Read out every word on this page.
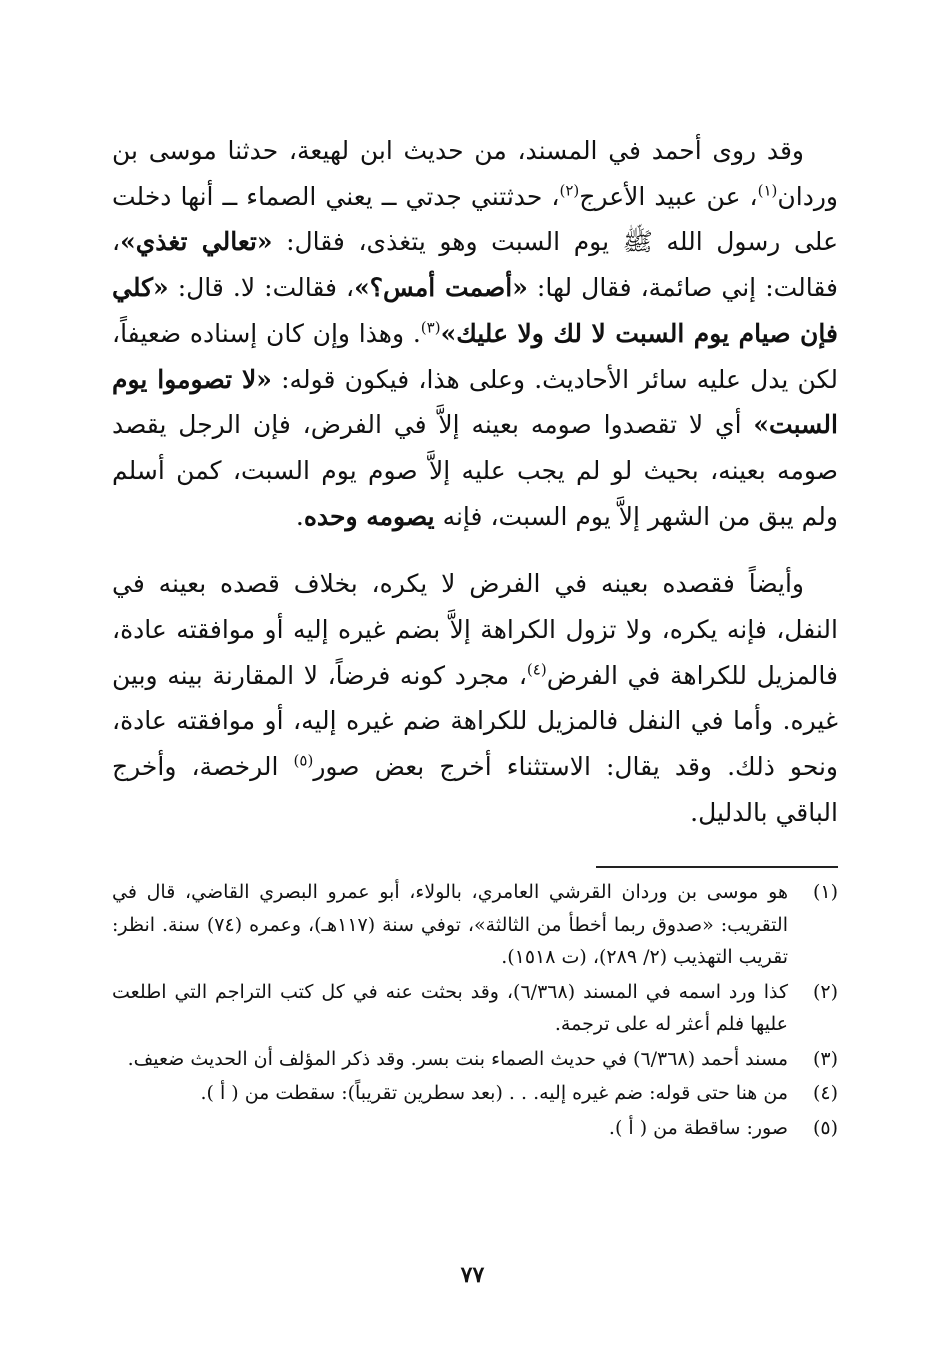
وقد روى أحمد في المسند، من حديث ابن لهيعة، حدثنا موسى بن وردان$^{(١)}$، عن عبيد الأعرج$^{(٢)}$، حدثتني جدتي ــ يعني الصماء ــ أنها دخلت على رسول الله ﷺ يوم السبت وهو يتغذى، فقال: «تعالي تغذي»، فقالت: إني صائمة، فقال لها: «أصمت أمس؟»، فقالت: لا. قال: «كلي فإن صيام يوم السبت لا لك ولا عليك»$^{(٣)}$. وهذا وإن كان إسناده ضعيفاً، لكن يدل عليه سائر الأحاديث. وعلى هذا، فيكون قوله: «لا تصوموا يوم السبت» أي لا تقصدوا صومه بعينه إلاَّ في الفرض، فإن الرجل يقصد صومه بعينه، بحيث لو لم يجب عليه إلاَّ صوم يوم السبت، كمن أسلم ولم يبق من الشهر إلاَّ يوم السبت، فإنه يصومه وحده.

وأيضاً فقصده بعينه في الفرض لا يكره، بخلاف قصده بعينه في النفل، فإنه يكره، ولا تزول الكراهة إلاَّ بضم غيره إليه أو موافقته عادة، فالمزيل للكراهة في الفرض$^{(٤)}$، مجرد كونه فرضاً، لا المقارنة بينه وبين غيره. وأما في النفل فالمزيل للكراهة ضم غيره إليه، أو موافقته عادة، ونحو ذلك. وقد يقال: الاستثناء أخرج بعض صور$^{(٥)}$ الرخصة، وأخرج الباقي بالدليل.

(١)
هو موسى بن وردان القرشي العامري، بالولاء، أبو عمرو البصري القاضي، قال في التقريب: «صدوق ربما أخطأ من الثالثة»، توفي سنة (١١٧هـ)، وعمره (٧٤) سنة. انظر: تقريب التهذيب (٢/ ٢٨٩)، (ت ١٥١٨).
(٢)
كذا ورد اسمه في المسند (٦/٣٦٨)، وقد بحثت عنه في كل كتب التراجم التي اطلعت عليها فلم أعثر له على ترجمة.
(٣)
مسند أحمد (٦/٣٦٨) في حديث الصماء بنت بسر. وقد ذكر المؤلف أن الحديث ضعيف.
(٤)
من هنا حتى قوله: ضم غيره إليه. . . (بعد سطرين تقريباً): سقطت من ( أ ).
(٥)
صور: ساقطة من ( أ ).
٧٧
